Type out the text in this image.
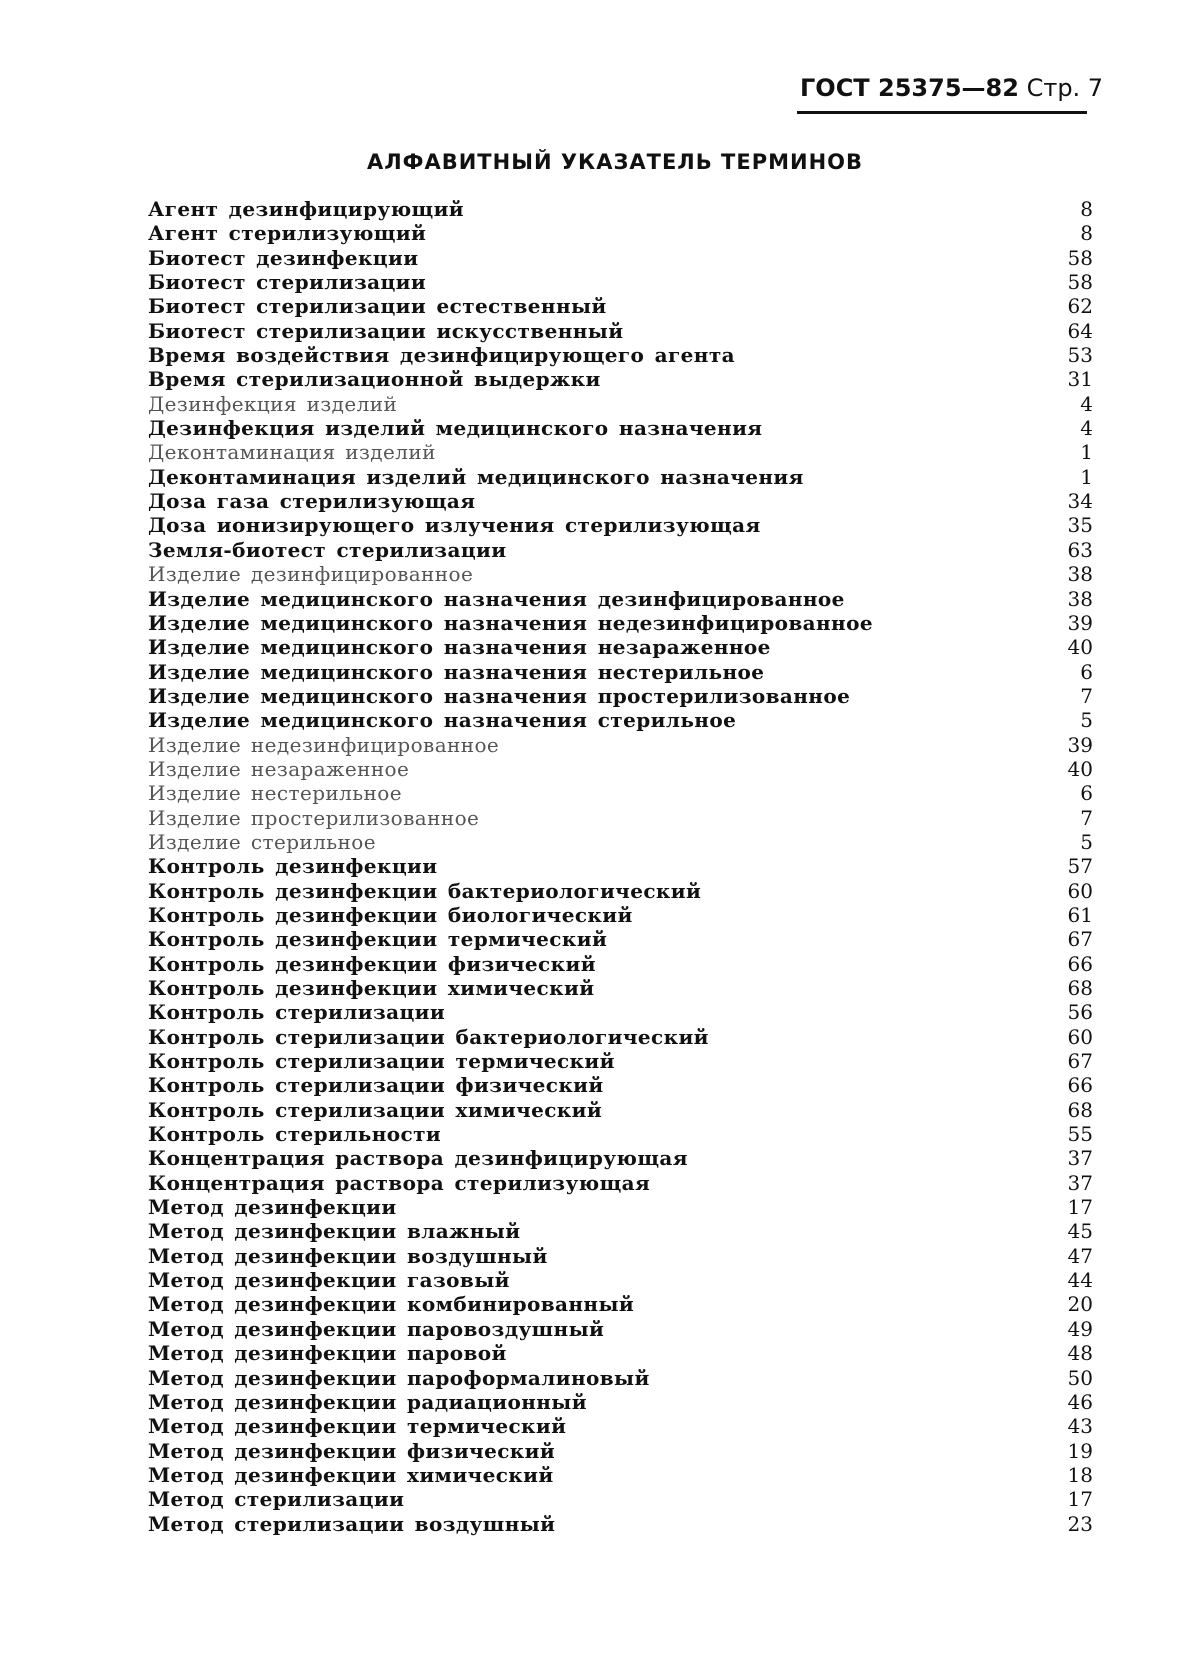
ГОСТ 25375—82 Стр. 7
АЛФАВИТНЫЙ УКАЗАТЕЛЬ ТЕРМИНОВ
Агент дезинфицирующий	8
Агент стерилизующий	8
Биотест дезинфекции	58
Биотест стерилизации	58
Биотест стерилизации естественный	62
Биотест стерилизации искусственный	64
Время воздействия дезинфицирующего агента	53
Время стерилизационной выдержки	31
Дезинфекция изделий	4
Дезинфекция изделий медицинского назначения	4
Деконтаминация изделий	1
Деконтаминация изделий медицинского назначения	1
Доза газа стерилизующая	34
Доза ионизирующего излучения стерилизующая	35
Земля-биотест стерилизации	63
Изделие дезинфицированное	38
Изделие медицинского назначения дезинфицированное	38
Изделие медицинского назначения недезинфицированное	39
Изделие медицинского назначения незараженное	40
Изделие медицинского назначения нестерильное	6
Изделие медицинского назначения простерилизованное	7
Изделие медицинского назначения стерильное	5
Изделие недезинфицированное	39
Изделие незараженное	40
Изделие нестерильное	6
Изделие простерилизованное	7
Изделие стерильное	5
Контроль дезинфекции	57
Контроль дезинфекции бактериологический	60
Контроль дезинфекции биологический	61
Контроль дезинфекции термический	67
Контроль дезинфекции физический	66
Контроль дезинфекции химический	68
Контроль стерилизации	56
Контроль стерилизации бактериологический	60
Контроль стерилизации термический	67
Контроль стерилизации физический	66
Контроль стерилизации химический	68
Контроль стерильности	55
Концентрация раствора дезинфицирующая	37
Концентрация раствора стерилизующая	37
Метод дезинфекции	17
Метод дезинфекции влажный	45
Метод дезинфекции воздушный	47
Метод дезинфекции газовый	44
Метод дезинфекции комбинированный	20
Метод дезинфекции паровоздушный	49
Метод дезинфекции паровой	48
Метод дезинфекции пароформалиновый	50
Метод дезинфекции радиационный	46
Метод дезинфекции термический	43
Метод дезинфекции физический	19
Метод дезинфекции химический	18
Метод стерилизации	17
Метод стерилизации воздушный	23
